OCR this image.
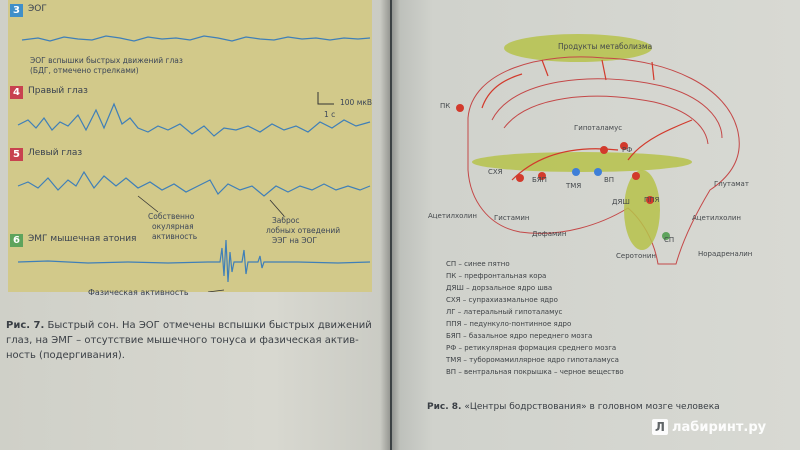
3 ЭОГ
ЭОГ вспышки быстрых движений глаз
(БДГ, отмечено стрелками)
4 Правый глаз
5 Левый глаз
6 ЭМГ мышечная атония
100 мкВ
1 с
Собственно
окулярная
активность
Заброс
лобных отведений
ЭЭГ на ЭОГ
Фазическая активность
Рис. 7. Быстрый сон. На ЭОГ отмечены вспышки быстрых движений
глаз, на ЭМГ – отсутствие мышечного тонуса и фазическая актив-
ность (подергивания).
Продукты метаболизма
ПК
Гипоталамус
РФ
СХЯ
БЯП
ТМЯ
ВП
ДЯШ
СП
ППЯ
Глутамат
Ацетилхолин Гистамин
Дофамин
Ацетилхолин
Серотонин	Норадреналин
СП – синее пятно
ПК – префронтальная кора
ДЯШ – дорзальное ядро шва
СХЯ – супрахиазмальное ядро
ЛГ – латеральный гипоталамус
ППЯ – педункуло-понтинное ядро
БЯП – базальное ядро переднего мозга
РФ – ретикулярная формация среднего мозга
ТМЯ – тубoромамиллярное ядро гипоталамуса
ВП – вентральная покрышка – черное вещество
Рис. 8. «Центры бодрствования» в головном мозге человека
Л лабиринт.ру
